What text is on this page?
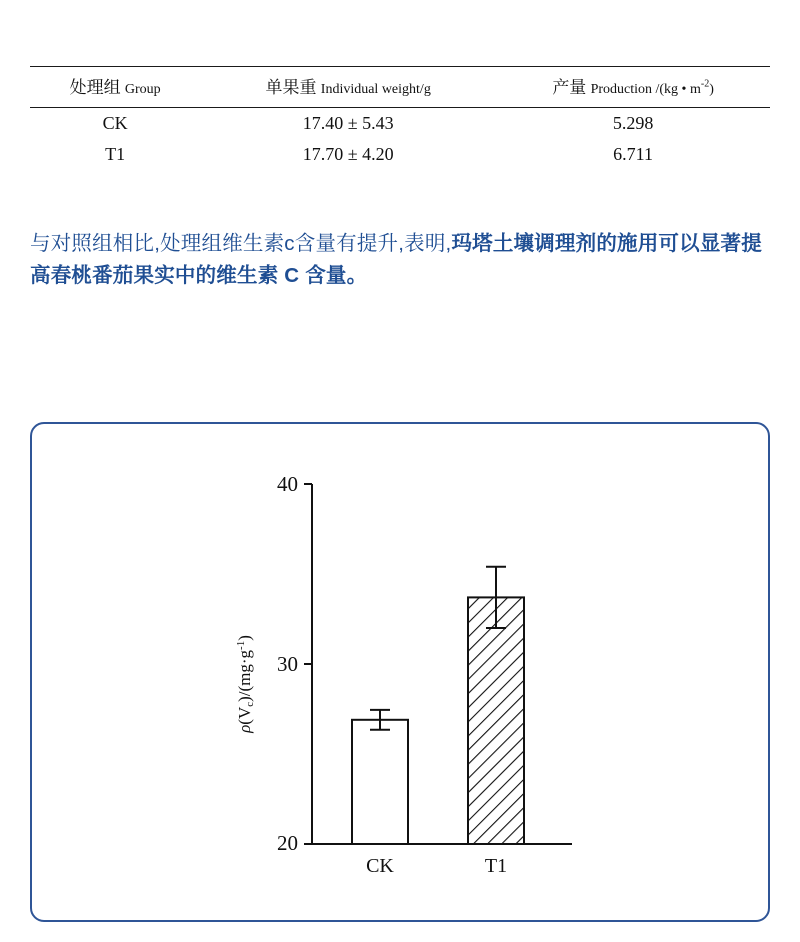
处理组 Group	单果重 Individual weight/g	产量 Production /(kg • $m^{-2}$)
CK	17.40 ± 5.43	5.298
T1	17.70 ± 4.20	6.711
与对照组相比,处理组维生素c含量有提升,表明,玛塔土壤调理剂的施用可以显著提高春桃番茄果实中的维生素 C 含量。
20
30
40
$\rho(Vc)/(mg\cdot g^{-1})$
CK	T1
